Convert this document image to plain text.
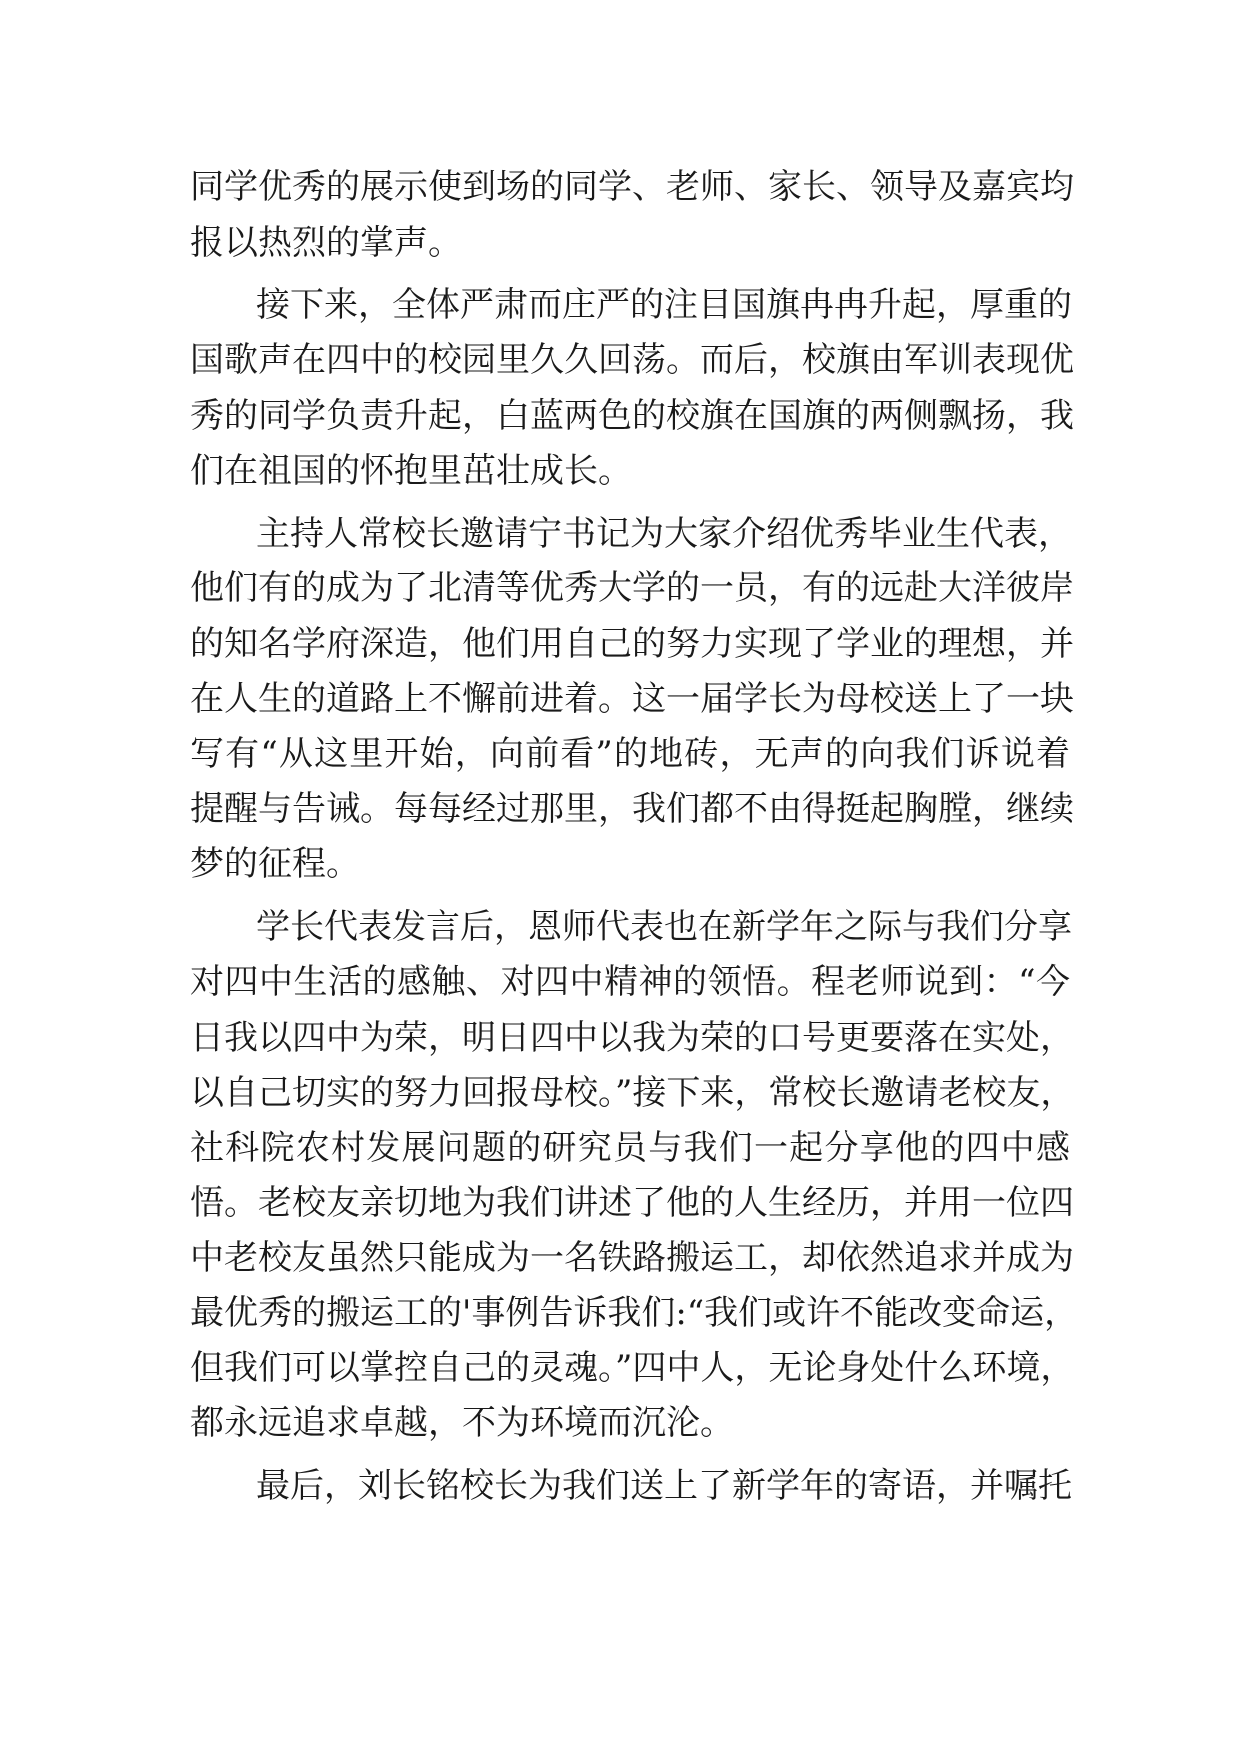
同学优秀的展示使到场的同学、老师、家长、领导及嘉宾均
报以热烈的掌声。
接下来，全体严肃而庄严的注目国旗冉冉升起，厚重的
国歌声在四中的校园里久久回荡。而后，校旗由军训表现优
秀的同学负责升起，白蓝两色的校旗在国旗的两侧飘扬，我
们在祖国的怀抱里茁壮成长。
主持人常校长邀请宁书记为大家介绍优秀毕业生代表，
他们有的成为了北清等优秀大学的一员，有的远赴大洋彼岸
的知名学府深造，他们用自己的努力实现了学业的理想，并
在人生的道路上不懈前进着。这一届学长为母校送上了一块
写有“从这里开始，向前看”的地砖，无声的向我们诉说着
提醒与告诫。每每经过那里，我们都不由得挺起胸膛，继续
梦的征程。
学长代表发言后，恩师代表也在新学年之际与我们分享
对四中生活的感触、对四中精神的领悟。程老师说到：“今
日我以四中为荣，明日四中以我为荣的口号更要落在实处，
以自己切实的努力回报母校。”接下来，常校长邀请老校友，
社科院农村发展问题的研究员与我们一起分享他的四中感
悟。老校友亲切地为我们讲述了他的人生经历，并用一位四
中老校友虽然只能成为一名铁路搬运工，却依然追求并成为
最优秀的搬运工的'事例告诉我们:“我们或许不能改变命运，
但我们可以掌控自己的灵魂。”四中人，无论身处什么环境，
都永远追求卓越，不为环境而沉沦。
最后，刘长铭校长为我们送上了新学年的寄语，并嘱托
